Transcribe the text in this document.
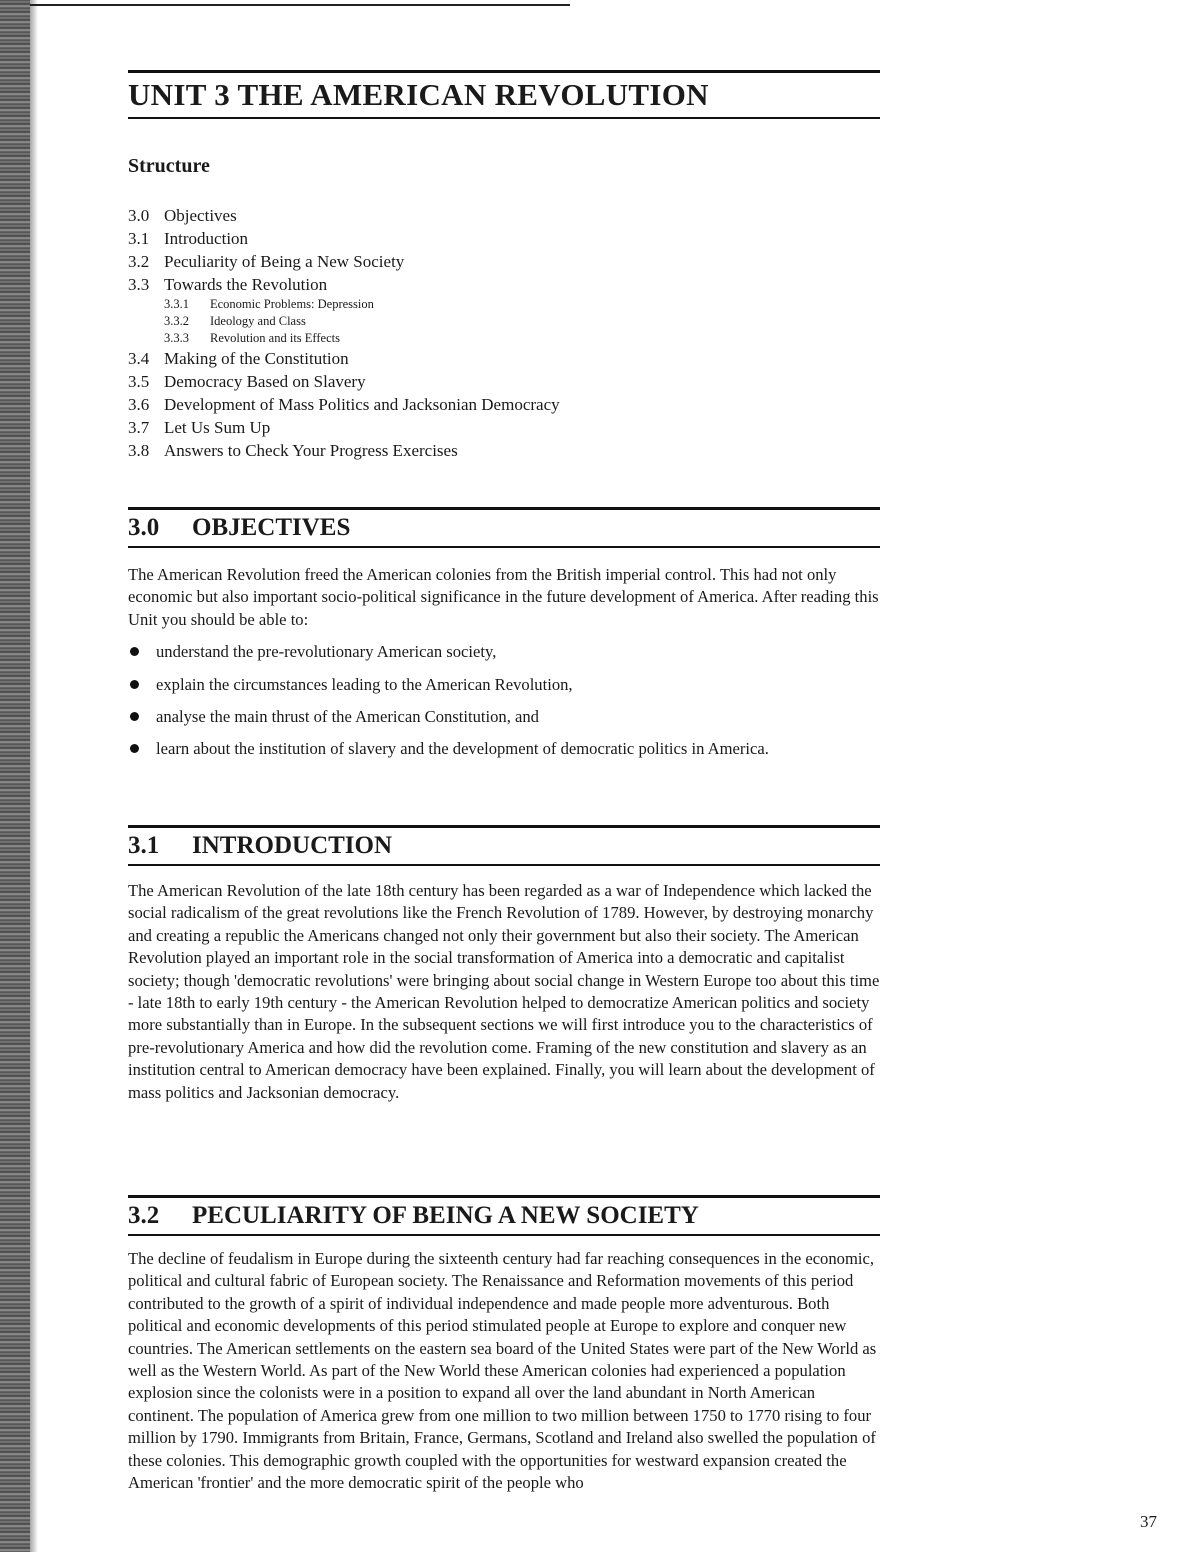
UNIT 3 THE AMERICAN REVOLUTION
Structure
3.0 Objectives
3.1 Introduction
3.2 Peculiarity of Being a New Society
3.3 Towards the Revolution
3.3.1 Economic Problems: Depression
3.3.2 Ideology and Class
3.3.3 Revolution and its Effects
3.4 Making of the Constitution
3.5 Democracy Based on Slavery
3.6 Development of Mass Politics and Jacksonian Democracy
3.7 Let Us Sum Up
3.8 Answers to Check Your Progress Exercises
3.0 OBJECTIVES

The American Revolution freed the American colonies from the British imperial control. This had not only economic but also important socio-political significance in the future development of America. After reading this Unit you should be able to:

understand the pre-revolutionary American society,
explain the circumstances leading to the American Revolution,
analyse the main thrust of the American Constitution, and
learn about the institution of slavery and the development of democratic politics in America.
3.1 INTRODUCTION

The American Revolution of the late 18th century has been regarded as a war of Independence which lacked the social radicalism of the great revolutions like the French Revolution of 1789. However, by destroying monarchy and creating a republic the Americans changed not only their government but also their society. The American Revolution played an important role in the social transformation of America into a democratic and capitalist society; though 'democratic revolutions' were bringing about social change in Western Europe too about this time - late 18th to early 19th century - the American Revolution helped to democratize American politics and society more substantially than in Europe. In the subsequent sections we will first introduce you to the characteristics of pre-revolutionary America and how did the revolution come. Framing of the new constitution and slavery as an institution central to American democracy have been explained. Finally, you will learn about the development of mass politics and Jacksonian democracy.

3.2 PECULIARITY OF BEING A NEW SOCIETY

The decline of feudalism in Europe during the sixteenth century had far reaching consequences in the economic, political and cultural fabric of European society. The Renaissance and Reformation movements of this period contributed to the growth of a spirit of individual independence and made people more adventurous. Both political and economic developments of this period stimulated people at Europe to explore and conquer new countries. The American settlements on the eastern sea board of the United States were part of the New World as well as the Western World. As part of the New World these American colonies had experienced a population explosion since the colonists were in a position to expand all over the land abundant in North American continent. The population of America grew from one million to two million between 1750 to 1770 rising to four million by 1790. Immigrants from Britain, France, Germans, Scotland and Ireland also swelled the population of these colonies. This demographic growth coupled with the opportunities for westward expansion created the American 'frontier' and the more democratic spirit of the people who

37
